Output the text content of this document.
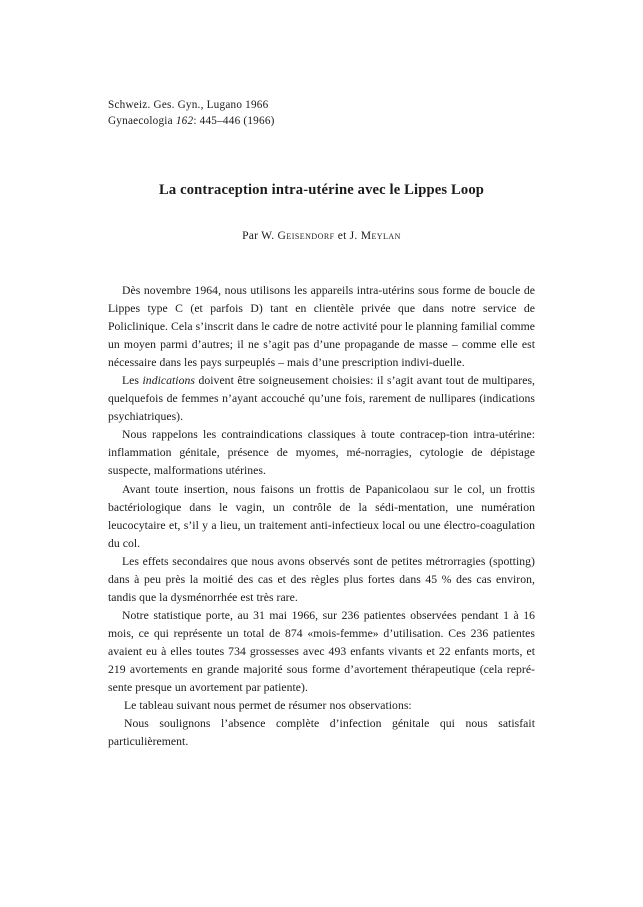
Schweiz. Ges. Gyn., Lugano 1966
Gynaecologia 162: 445–446 (1966)
La contraception intra-utérine avec le Lippes Loop
Par W. Geisendorf et J. Meylan

Dès novembre 1964, nous utilisons les appareils intra-utérins sous forme de boucle de Lippes type C (et parfois D) tant en clientèle privée que dans notre service de Policlinique. Cela s’inscrit dans le cadre de notre activité pour le planning familial comme un moyen parmi d’autres; il ne s’agit pas d’une propagande de masse – comme elle est nécessaire dans les pays surpeuplés – mais d’une prescription indivi-duelle.

Les indications doivent être soigneusement choisies: il s’agit avant tout de multipares, quelquefois de femmes n’ayant accouché qu’une fois, rarement de nullipares (indications psychiatriques).

Nous rappelons les contraindications classiques à toute contracep-tion intra-utérine: inflammation génitale, présence de myomes, mé-norragies, cytologie de dépistage suspecte, malformations utérines.

Avant toute insertion, nous faisons un frottis de Papanicolaou sur le col, un frottis bactériologique dans le vagin, un contrôle de la sédi-mentation, une numération leucocytaire et, s’il y a lieu, un traitement anti-infectieux local ou une électro-coagulation du col.

Les effets secondaires que nous avons observés sont de petites métrorragies (spotting) dans à peu près la moitié des cas et des règles plus fortes dans 45 % des cas environ, tandis que la dysménorrhée est très rare.

Notre statistique porte, au 31 mai 1966, sur 236 patientes observées pendant 1 à 16 mois, ce qui représente un total de 874 «mois-femme» d’utilisation. Ces 236 patientes avaient eu à elles toutes 734 grossesses avec 493 enfants vivants et 22 enfants morts, et 219 avortements en grande majorité sous forme d’avortement thérapeutique (cela repré-sente presque un avortement par patiente).

Le tableau suivant nous permet de résumer nos observations:

Nous soulignons l’absence complète d’infection génitale qui nous satisfait particulièrement.
